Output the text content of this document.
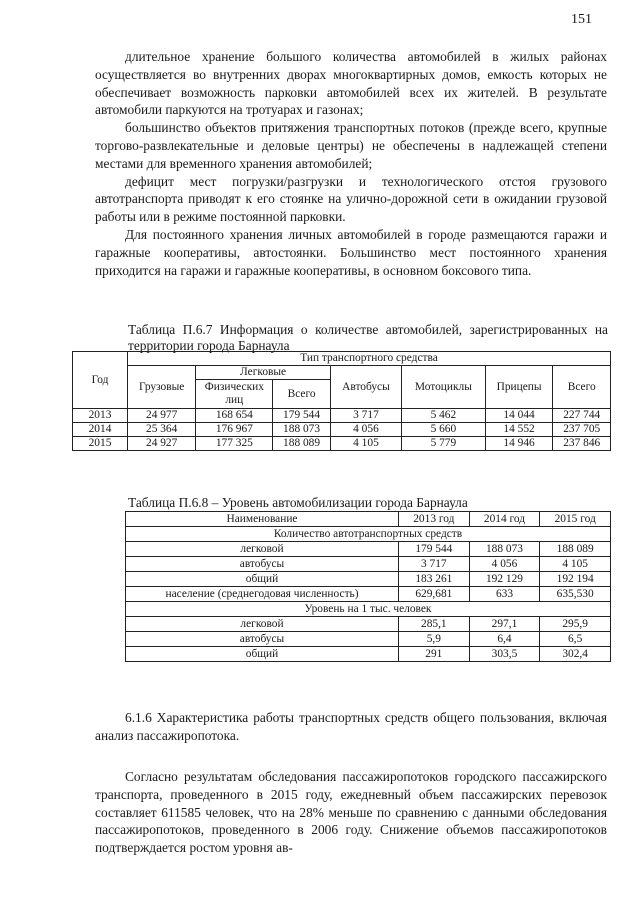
151

длительное хранение большого количества автомобилей в жилых районах осуществляется во внутренних дворах многоквартирных домов, емкость которых не обеспечивает возможность парковки автомобилей всех их жителей. В результате автомобили паркуются на тротуарах и газонах;

большинство объектов притяжения транспортных потоков (прежде всего, крупные торгово-развлекательные и деловые центры) не обеспечены в надлежащей степени местами для временного хранения автомобилей;

дефицит мест погрузки/разгрузки и технологического отстоя грузового автотранспорта приводят к его стоянке на улично-дорожной сети в ожидании грузовой работы или в режиме постоянной парковки.

Для постоянного хранения личных автомобилей в городе размещаются гаражи и гаражные кооперативы, автостоянки. Большинство мест постоянного хранения приходится на гаражи и гаражные кооперативы, в основном боксового типа.

Таблица П.6.7 Информация о количестве автомобилей, зарегистрированных на территории города Барнаула

Год	Тип транспортного средства						
	Грузовые	Легковые		Автобусы	Мотоциклы	Прицепы	Всего
		Физических лиц	Всего				
2013	24 977	168 654	179 544	3 717	5 462	14 044	227 744
2014	25 364	176 967	188 073	4 056	5 660	14 552	237 705
2015	24 927	177 325	188 089	4 105	5 779	14 946	237 846

Таблица П.6.8 – Уровень автомобилизации города Барнаула

Наименование	2013 год	2014 год	2015 год
Количество автотранспортных средств			
легковой	179 544	188 073	188 089
автобусы	3 717	4 056	4 105
общий	183 261	192 129	192 194
население (среднегодовая численность)	629,681	633	635,530
Уровень на 1 тыс. человек			
легковой	285,1	297,1	295,9
автобусы	5,9	6,4	6,5
общий	291	303,5	302,4

6.1.6 Характеристика работы транспортных средств общего пользования, включая анализ пассажиропотока.

Согласно результатам обследования пассажиропотоков городского пассажирского транспорта, проведенного в 2015 году, ежедневный объем пассажирских перевозок составляет 611585 человек, что на 28% меньше по сравнению с данными обследования пассажиропотоков, проведенного в 2006 году. Снижение объемов пассажиропотоков подтверждается ростом уровня ав-
